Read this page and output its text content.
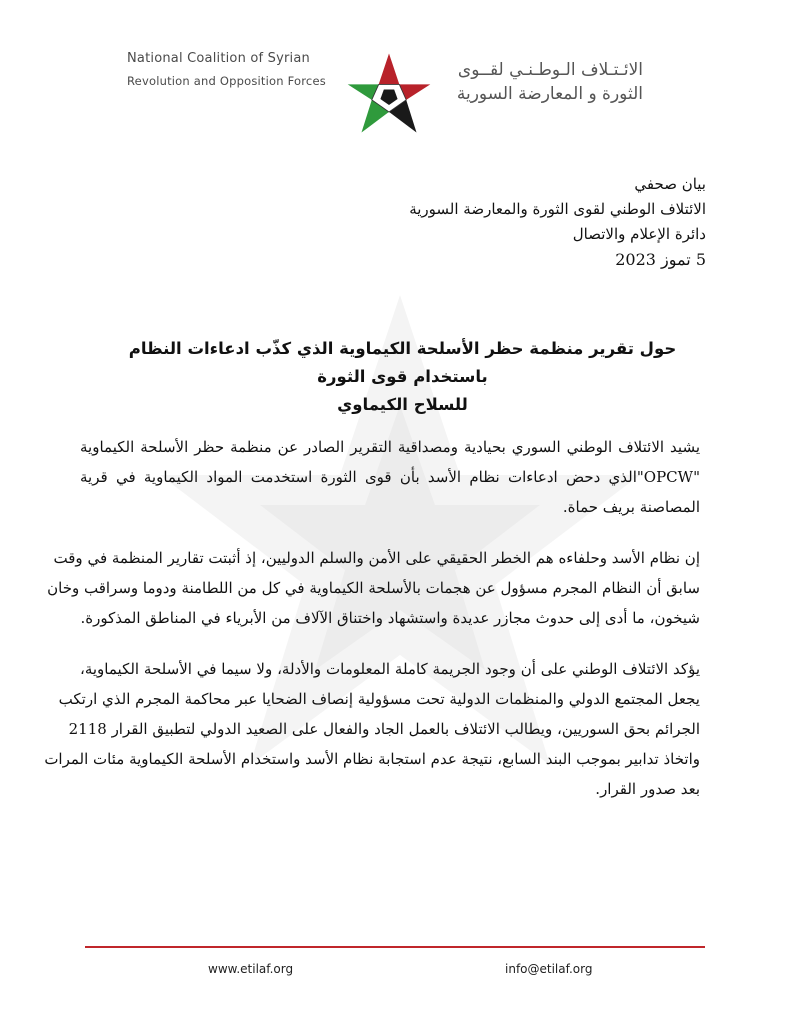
National Coalition of Syrian
Revolution and Opposition Forces
الائـتـلاف الـوطـنـي لقــوى
الثورة و المعارضة السورية
بيان صحفي
الائتلاف الوطني لقوى الثورة والمعارضة السورية
دائرة الإعلام والاتصال
5 تموز 2023
حول تقرير منظمة حظر الأسلحة الكيماوية الذي كذّب ادعاءات النظام باستخدام قوى الثورة
للسلاح الكيماوي
يشيد الائتلاف الوطني السوري بحيادية ومصداقية التقرير الصادر عن منظمة حظر الأسلحة الكيماوية
"OPCW"الذي دحض ادعاءات نظام الأسد بأن قوى الثورة استخدمت المواد الكيماوية في قرية
المصاصنة بريف حماة.
إن نظام الأسد وحلفاءه هم الخطر الحقيقي على الأمن والسلم الدوليين، إذ أثبتت تقارير المنظمة في وقت
سابق أن النظام المجرم مسؤول عن هجمات بالأسلحة الكيماوية في كل من اللطامنة ودوما وسراقب وخان
شيخون، ما أدى إلى حدوث مجازر عديدة واستشهاد واختناق الآلاف من الأبرياء في المناطق المذكورة.
يؤكد الائتلاف الوطني على أن وجود الجريمة كاملة المعلومات والأدلة، ولا سيما في الأسلحة الكيماوية،
يجعل المجتمع الدولي والمنظمات الدولية تحت مسؤولية إنصاف الضحايا عبر محاكمة المجرم الذي ارتكب
الجرائم بحق السوريين، ويطالب الائتلاف بالعمل الجاد والفعال على الصعيد الدولي لتطبيق القرار 2118
واتخاذ تدابير بموجب البند السابع، نتيجة عدم استجابة نظام الأسد واستخدام الأسلحة الكيماوية مئات المرات
بعد صدور القرار.
www.etilaf.org	info@etilaf.org
